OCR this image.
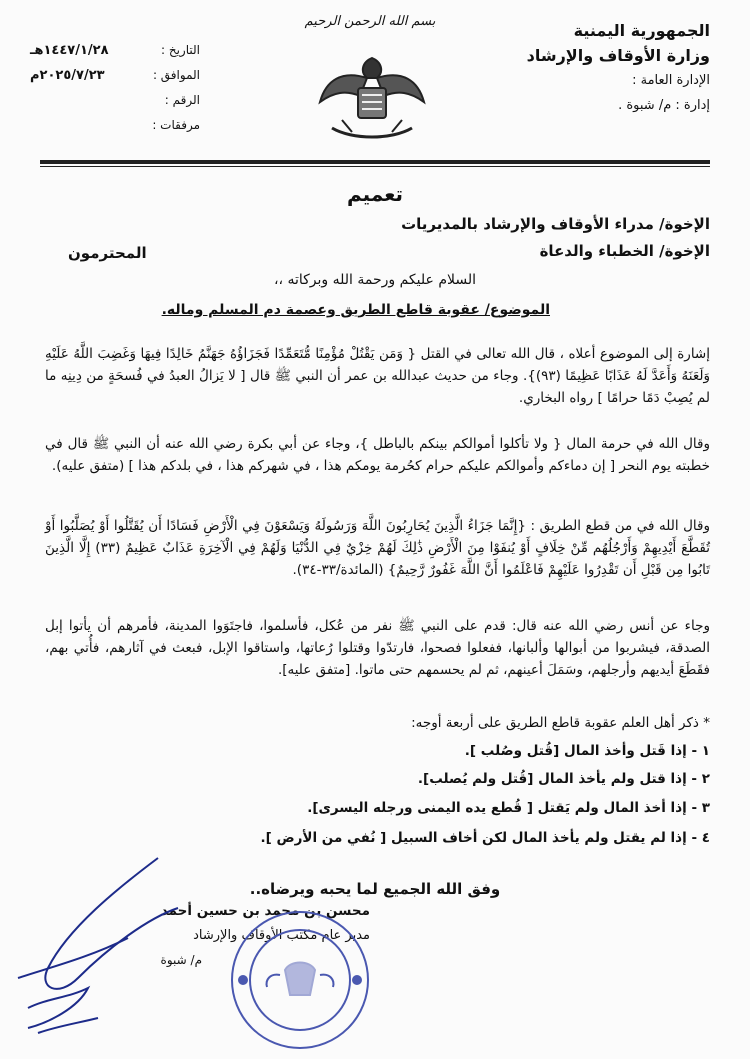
الجمهورية اليمنية
وزارة الأوقاف والإرشاد
الإدارة العامة :
إدارة : م/ شبوة .
بسم الله الرحمن الرحيم
التاريخ :
١٤٤٧/١/٢٨هـ
الموافق :
٢٠٢٥/٧/٢٣م
الرقم :
مرفقات :
تعميم
الإخوة/ مدراء الأوقاف والإرشاد بالمديريات
الإخوة/ الخطباء والدعاة
المحترمون
السلام عليكم ورحمة الله وبركاته ،،
الموضوع/ عقوبة قاطع الطريق وعصمة دم المسلم وماله.
إشارة إلى الموضوع أعلاه ، قال الله تعالى في القتل { وَمَن يَقْتُلْ مُؤْمِنًا مُّتَعَمِّدًا فَجَزَاؤُهُ جَهَنَّمُ خَالِدًا فِيهَا وَغَضِبَ اللَّهُ عَلَيْهِ وَلَعَنَهُ وَأَعَدَّ لَهُ عَذَابًا عَظِيمًا (٩٣)}. وجاء من حديث عبدالله بن عمر أن النبي ﷺ قال [ لا يَزالُ العبدُ في فُسحَةٍ من دِينِه ما لم يُصِبْ دَمًا حرامًا ] رواه البخاري.
وقال الله في حرمة المال { ولا تأكلوا أموالكم بينكم بالباطل }، وجاء عن أبي بكرة رضي الله عنه أن النبي ﷺ قال في خطبته يوم النحر [ إن دماءكم وأموالكم عليكم حرام كحُرمة يومكم هذا ، في شهركم هذا ، في بلدكم هذا ] (متفق عليه).
وقال الله في من قطع الطريق : {إِنَّمَا جَزَاءُ الَّذِينَ يُحَارِبُونَ اللَّهَ وَرَسُولَهُ وَيَسْعَوْنَ فِي الْأَرْضِ فَسَادًا أَن يُقَتَّلُوا أَوْ يُصَلَّبُوا أَوْ تُقَطَّعَ أَيْدِيهِمْ وَأَرْجُلُهُم مِّنْ خِلَافٍ أَوْ يُنفَوْا مِنَ الْأَرْضِ ذَٰلِكَ لَهُمْ خِزْيٌ فِي الدُّنْيَا وَلَهُمْ فِي الْآخِرَةِ عَذَابٌ عَظِيمٌ (٣٣) إِلَّا الَّذِينَ تَابُوا مِن قَبْلِ أَن تَقْدِرُوا عَلَيْهِمْ فَاعْلَمُوا أَنَّ اللَّهَ غَفُورٌ رَّحِيمٌ} (المائدة/٣٣-٣٤).
وجاء عن أنس رضي الله عنه قال: قدم على النبي ﷺ نفر من عُكل، فأسلموا، فاجتَوَوا المدينة، فأمرهم أن يأتوا إبل الصدقة، فيشربوا من أبوالها وألبانها، ففعلوا فصحوا، فارتدّوا وقتلوا رُعاتها، واستاقوا الإبل، فبعث في آثارهم، فأُتي بهم، فقَطَعَ أيديهم وأرجلهم، وسَمَلَ أعينهم، ثم لم يحسمهم حتى ماتوا. [متفق عليه].
* ذكر أهل العلم عقوبة قاطع الطريق على أربعة أوجه:
١ - إذا قَتل وأخذ المال [قُتل وصُلب ].
٢ - إذا قتل ولم يأخذ المال [قُتل ولم يُصلب].
٣ - إذا أخذ المال ولم يَقتل [ قُطع يده اليمنى ورجله اليسرى].
٤ - إذا لم يقتل ولم يأخذ المال لكن أخاف السبيل [ نُفي من الأرض ].
وفق الله الجميع لما يحبه ويرضاه..
محسن بن محمد بن حسين أحمد
مدير عام مكتب الأوقاف والإرشاد
م/ شبوة
